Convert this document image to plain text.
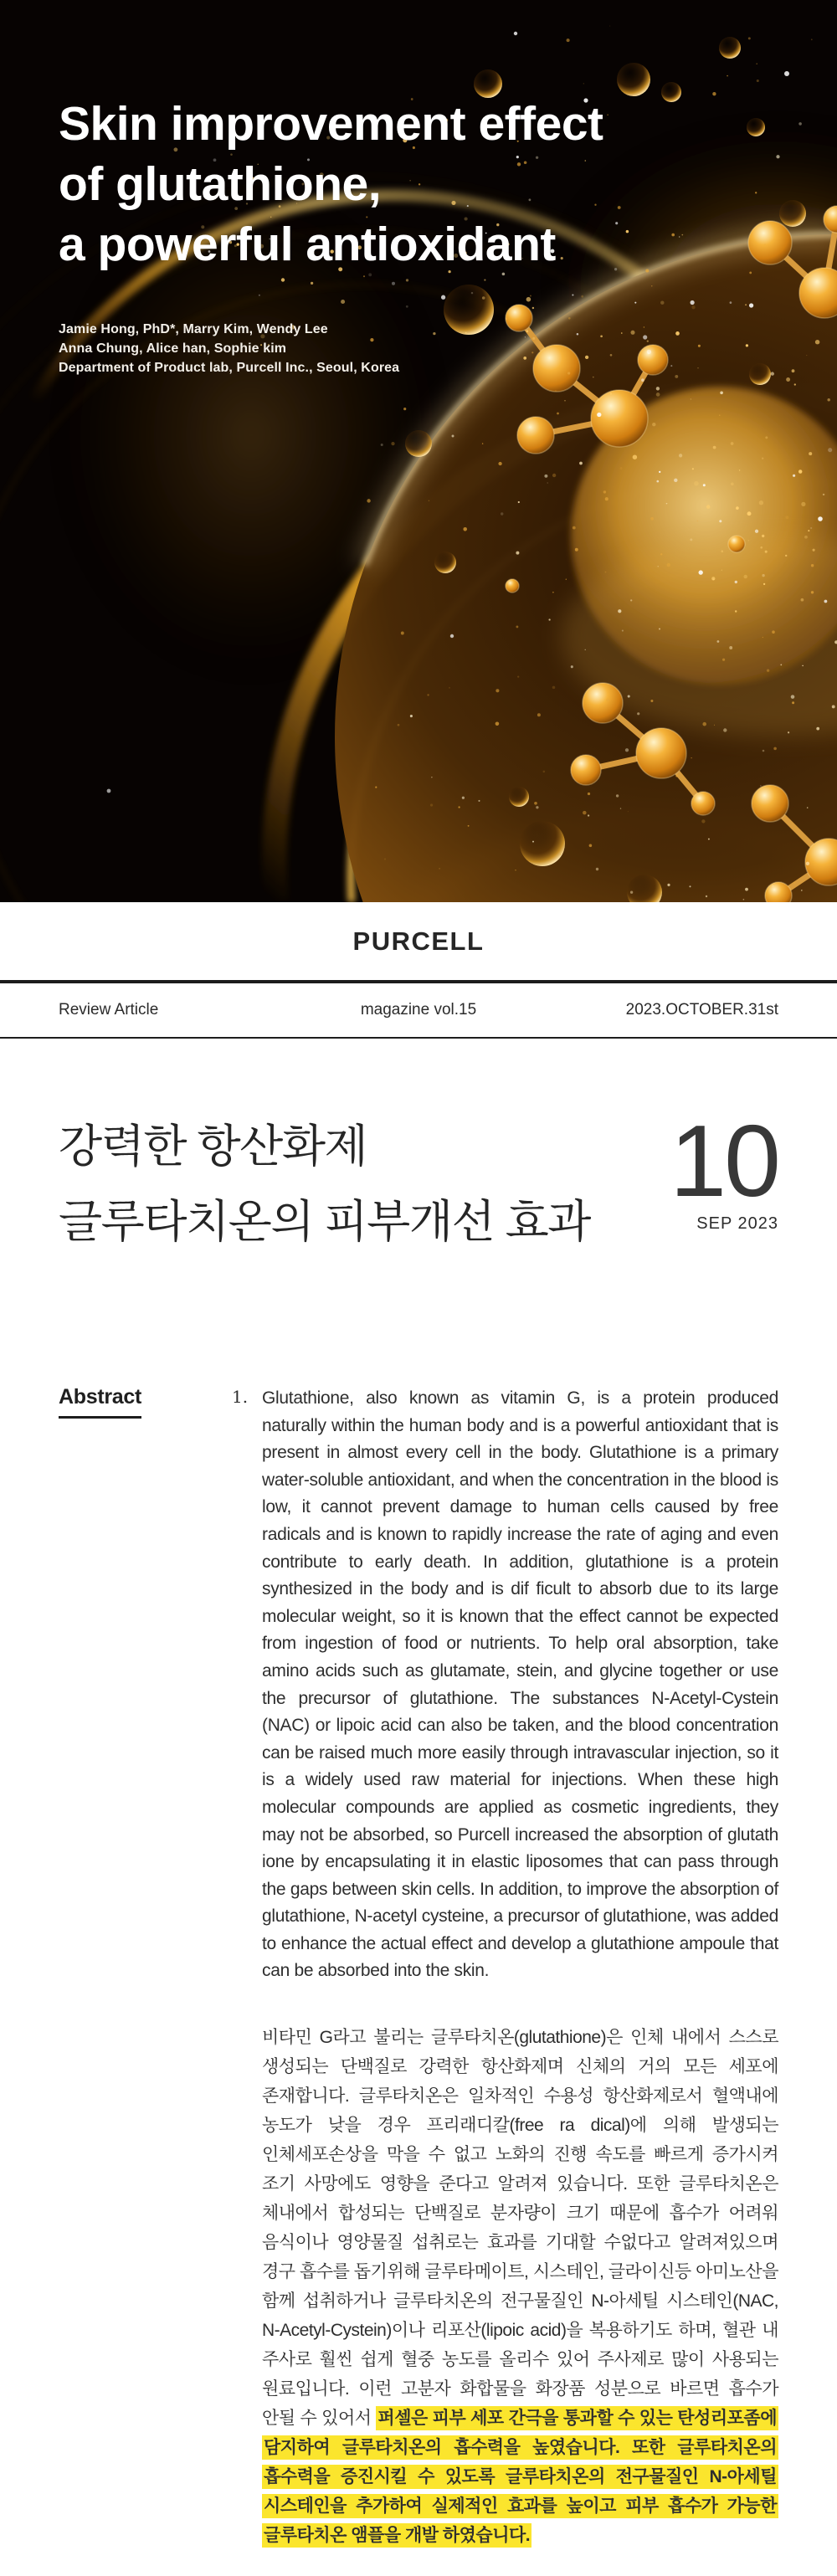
Skin improvement effect
of glutathione,
a powerful antioxidant
Jamie Hong, PhD*, Marry Kim, Wendy Lee
Anna Chung, Alice han, Sophie kim
Department of Product lab, Purcell Inc., Seoul, Korea
PURCELL
Review Article	magazine vol.15	2023.OCTOBER.31st
강력한 항산화제
글루타치온의 피부개선 효과
10
SEP 2023
Abstract	1. Glutathione, also known as vitamin G, is a protein produced naturally within the human body and is a powerful antioxidant that is present in almost every cell in the body. Glutathione is a primary water-soluble antioxidant, and when the concentration in the blood is low, it cannot prevent damage to human cells caused by free radicals and is known to rapidly increase the rate of aging and even contribute to early death. In addition, glutathione is a protein synthesized in the body and is dif ficult to absorb due to its large molecular weight, so it is known that the effect cannot be expected from ingestion of food or nutrients. To help oral absorption, take amino acids such as glutamate, stein, and glycine together or use the precursor of glutathione. The substances N-Acetyl-Cystein (NAC) or lipoic acid can also be taken, and the blood concentration can be raised much more easily through intravascular injection, so it is a widely used raw material for injections. When these high molecular compounds are applied as cosmetic ingredients, they may not be absorbed, so Purcell increased the absorption of glutath ione by encapsulating it in elastic liposomes that can pass through the gaps between skin cells. In addition, to improve the absorption of glutathione, N-acetyl cysteine, a precursor of glutathione, was added to enhance the actual effect and develop a glutathione ampoule that can be absorbed into the skin.

비타민 G라고 불리는 글루타치온(glutathione)은 인체 내에서 스스로 생성되는 단백질로 강력한 항산화제며 신체의 거의 모든 세포에 존재합니다. 글루타치온은 일차적인 수용성 항산화제로서 혈액내에 농도가 낮을 경우 프리래디칼(free ra dical)에 의해 발생되는 인체세포손상을 막을 수 없고 노화의 진행 속도를 빠르게 증가시켜 조기 사망에도 영향을 준다고 알려져 있습니다. 또한 글루타치온은 체내에서 합성되는 단백질로 분자량이 크기 때문에 흡수가 어려워 음식이나 영양물질 섭취로는 효과를 기대할 수없다고 알려져있으며 경구 흡수를 돕기위해 글루타메이트, 시스테인, 글라이신등 아미노산을 함께 섭취하거나 글루타치온의 전구물질인 N-아세틸 시스테인(NAC, N-Acetyl-Cystein)이나 리포산(lipoic acid)을 복용하기도 하며, 혈관 내 주사로 훨씬 쉽게 혈중 농도를 올리수 있어 주사제로 많이 사용되는 원료입니다. 이런 고분자 화합물을 화장품 성분으로 바르면 흡수가 안될 수 있어서 퍼셀은 피부 세포 간극을 통과할 수 있는 탄성리포좀에 담지하여 글루타치온의 흡수력을 높였습니다. 또한 글루타치온의 흡수력을 증진시킬 수 있도록 글루타치온의 전구물질인 N-아세틸 시스테인을 추가하여 실제적인 효과를 높이고 피부 흡수가 가능한 글루타치온 앰플을 개발 하였습니다.
